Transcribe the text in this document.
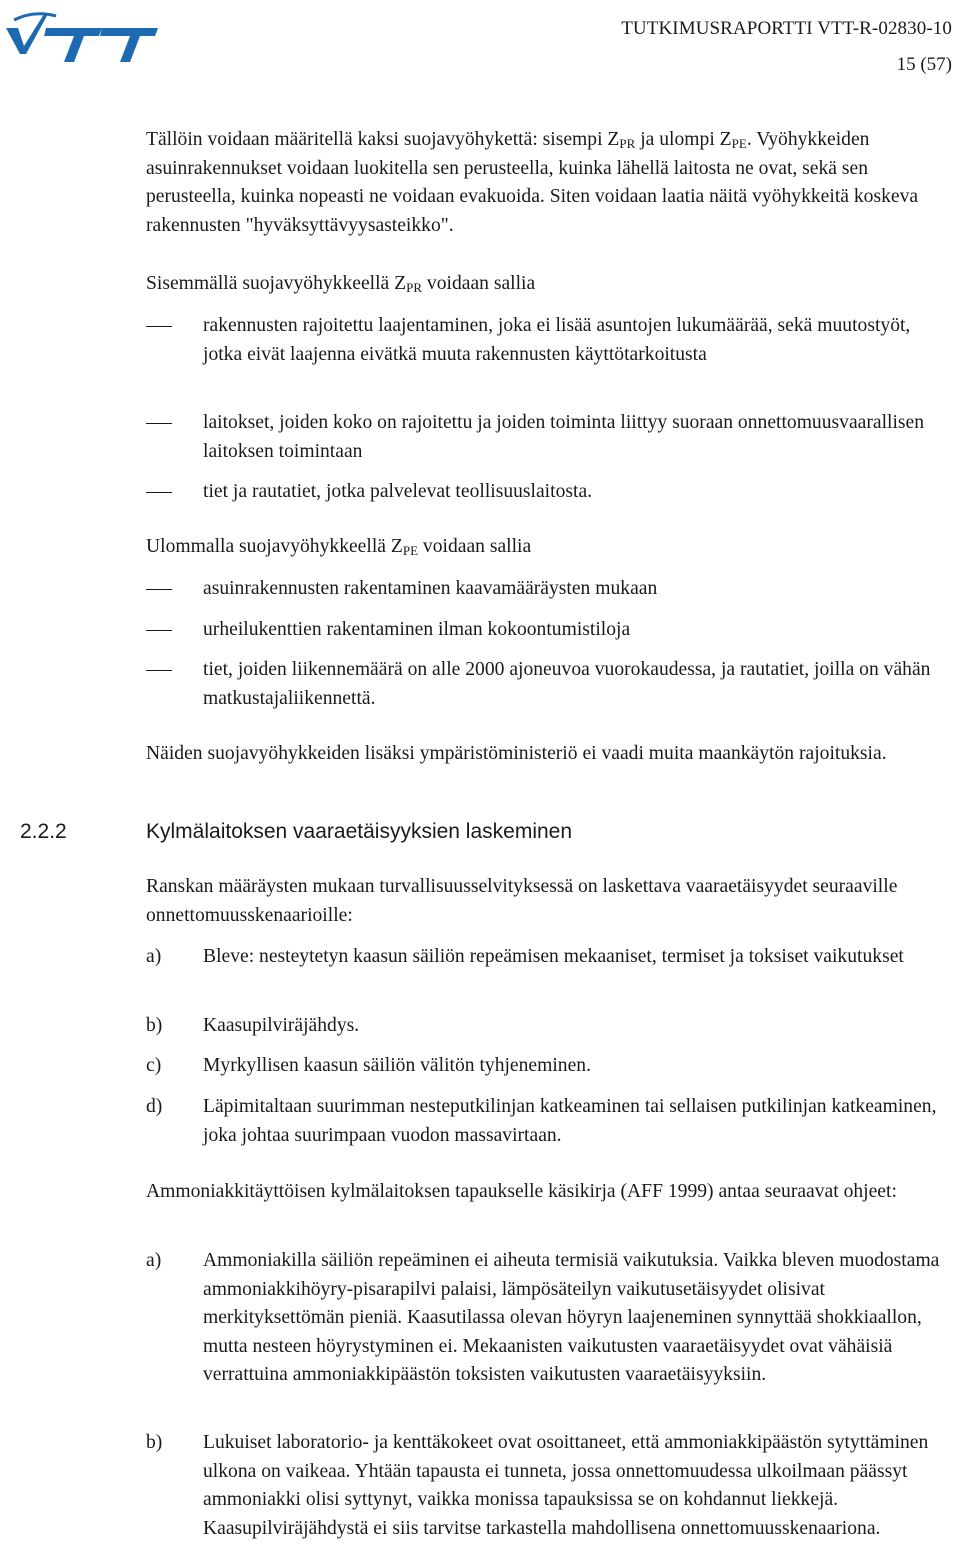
TUTKIMUSRAPORTTI VTT-R-02830-10
15 (57)

Tällöin voidaan määritellä kaksi suojavyöhykettä: sisempi $Z_{PR}$ ja ulompi $Z_{PE}$. Vyöhykkeiden asuinrakennukset voidaan luokitella sen perusteella, kuinka lähellä laitosta ne ovat, sekä sen perusteella, kuinka nopeasti ne voidaan evakuoida. Siten voidaan laatia näitä vyöhykkeitä koskeva rakennusten "hyväksyttävyysasteikko".

Sisemmällä suojavyöhykkeellä $Z_{PR}$ voidaan sallia

rakennusten rajoitettu laajentaminen, joka ei lisää asuntojen lukumäärää, sekä muutostyöt, jotka eivät laajenna eivätkä muuta rakennusten käyttötarkoitusta
laitokset, joiden koko on rajoitettu ja joiden toiminta liittyy suoraan onnettomuusvaarallisen laitoksen toimintaan
tiet ja rautatiet, jotka palvelevat teollisuuslaitosta.

Ulommalla suojavyöhykkeellä $Z_{PE}$ voidaan sallia

asuinrakennusten rakentaminen kaavamääräysten mukaan
urheilukenttien rakentaminen ilman kokoontumistiloja
tiet, joiden liikennemäärä on alle 2000 ajoneuvoa vuorokaudessa, ja rautatiet, joilla on vähän matkustajaliikennettä.

Näiden suojavyöhykkeiden lisäksi ympäristöministeriö ei vaadi muita maankäytön rajoituksia.

2.2.2	Kylmälaitoksen vaaraetäisyyksien laskeminen

Ranskan määräysten mukaan turvallisuusselvityksessä on laskettava vaaraetäisyydet seuraaville onnettomuusskenaarioille:

a) Bleve: nesteytetyn kaasun säiliön repeämisen mekaaniset, termiset ja toksiset vaikutukset
b) Kaasupilviräjähdys.
c) Myrkyllisen kaasun säiliön välitön tyhjeneminen.
d) Läpimitaltaan suurimman nesteputkilinjan katkeaminen tai sellaisen putkilinjan katkeaminen, joka johtaa suurimpaan vuodon massavirtaan.

Ammoniakkitäyttöisen kylmälaitoksen tapaukselle käsikirja (AFF 1999) antaa seuraavat ohjeet:

a) Ammoniakilla säiliön repeäminen ei aiheuta termisiä vaikutuksia. Vaikka bleven muodostama ammoniakkihöyry-pisarapilvi palaisi, lämpösäteilyn vaikutusetäisyydet olisivat merkityksettömän pieniä. Kaasutilassa olevan höyryn laajeneminen synnyttää shokkiaallon, mutta nesteen höyrystyminen ei. Mekaanisten vaikutusten vaaraetäisyydet ovat vähäisiä verrattuina ammoniakkipäästön toksisten vaikutusten vaaraetäisyyksiin.
b) Lukuiset laboratorio- ja kenttäkokeet ovat osoittaneet, että ammoniakkipäästön sytyttäminen ulkona on vaikeaa. Yhtään tapausta ei tunneta, jossa onnettomuudessa ulkoilmaan päässyt ammoniakki olisi syttynyt, vaikka monissa tapauksissa se on kohdannut liekkejä. Kaasupilviräjähdystä ei siis tarvitse tarkastella mahdollisena onnettomuusskenaariona.
